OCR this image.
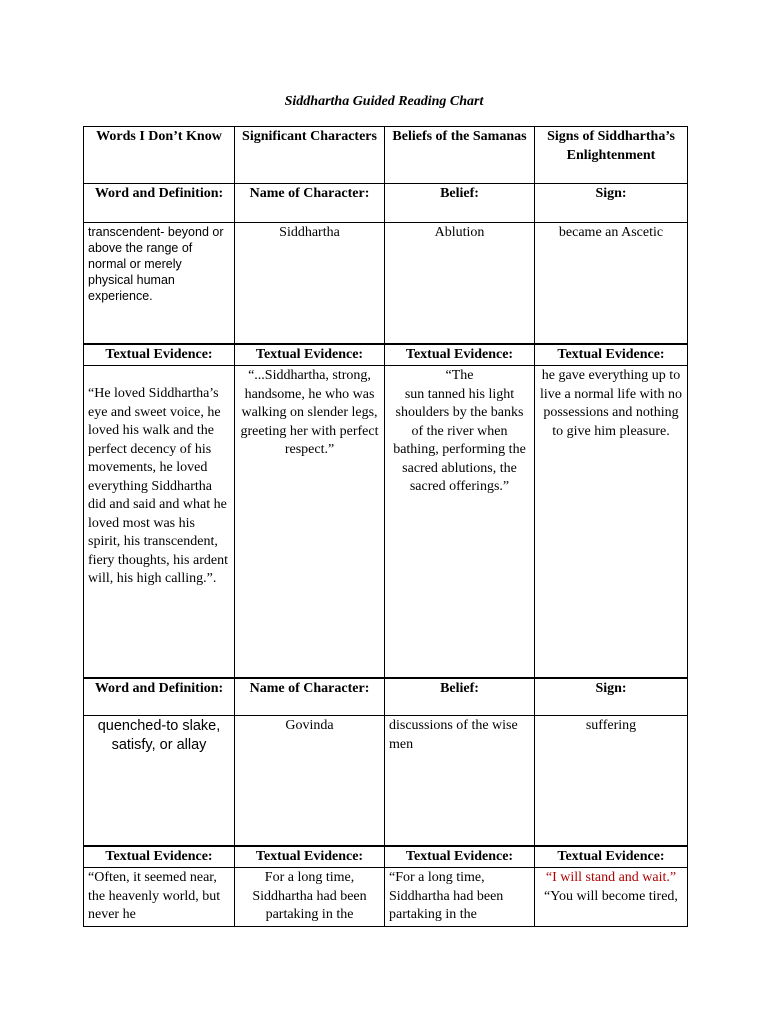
Siddhartha Guided Reading Chart
Words I Don’t Know	Significant Characters	Beliefs of the Samanas	Signs of Siddhartha’s Enlightenment
Word and Definition:	Name of Character:	Belief:	Sign:
transcendent- beyond or above the range of normal or merely physical human experience.	Siddhartha	Ablution	became an Ascetic
Textual Evidence:	Textual Evidence:	Textual Evidence:	Textual Evidence:
“He loved Siddhartha’s eye and sweet voice, he loved his walk and the perfect decency of his movements, he loved everything Siddhartha did and said and what he loved most was his spirit, his transcendent, fiery thoughts, his ardent will, his high calling.”.	“...Siddhartha, strong, handsome, he who was walking on slender legs, greeting her with perfect respect.”	“The
sun tanned his light shoulders by the banks of the river when bathing, performing the sacred ablutions, the sacred offerings.”	he gave everything up to live a normal life with no possessions and nothing to give him pleasure.
Word and Definition:	Name of Character:	Belief:	Sign:
quenched-to slake, satisfy, or allay	Govinda	discussions of the wise men	suffering
Textual Evidence:	Textual Evidence:	Textual Evidence:	Textual Evidence:
“Often, it seemed near, the heavenly world, but never he	For a long time, Siddhartha had been partaking in the	“For a long time, Siddhartha had been partaking in the	“I will stand and wait.” “You will become tired,
